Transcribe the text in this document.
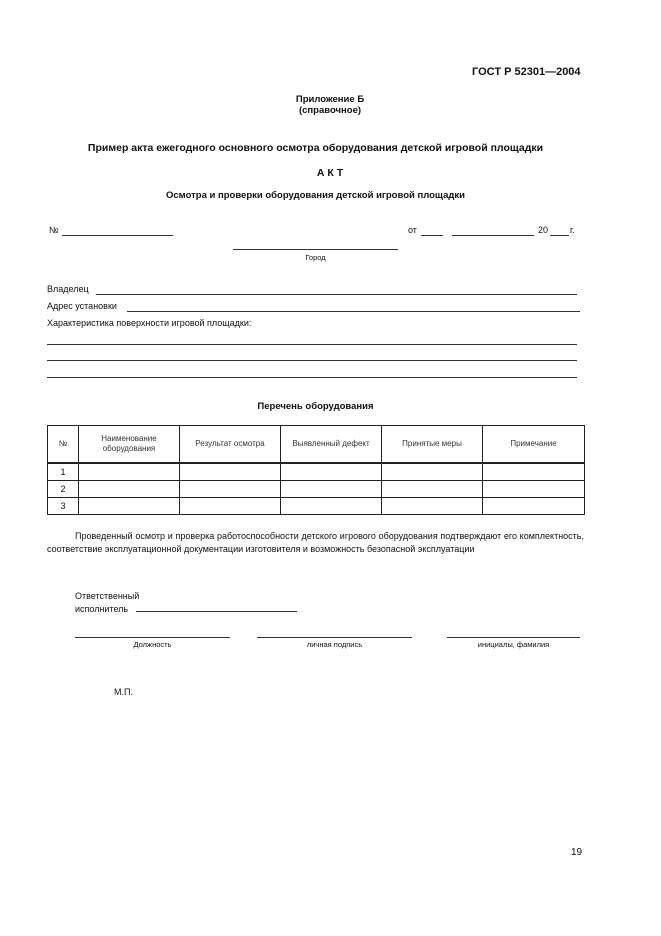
ГОСТ Р 52301—2004
Приложение Б
(справочное)
Пример акта ежегодного основного осмотра оборудования детской игровой площадки
А К Т
Осмотра и проверки оборудования детской игровой площадки
№	от	20 г.
Город
Владелец
Адрес установки
Характеристика поверхности игровой площадки:
Перечень оборудования
№	Наименование оборудования	Результат осмотра	Выявленный дефект	Принятые меры	Примечание
1					
2					
3					
Проведенный осмотр и проверка работоспособности детского игрового оборудования подтверждают его комплектность, соответствие эксплуатационной документации изготовителя и возможность безопасной эксплуатации
Ответственный
исполнитель
Должность	личная подпись	инициалы, фамилия
М.П.
19
